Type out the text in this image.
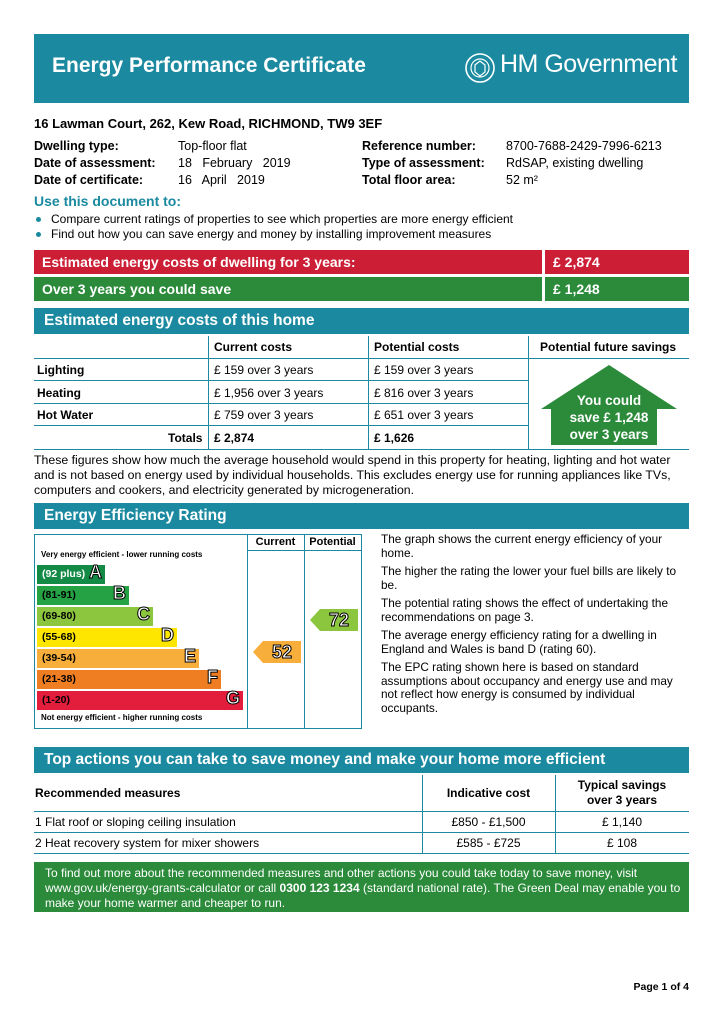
Energy Performance Certificate	HM Government
16 Lawman Court, 262, Kew Road, RICHMOND, TW9 3EF
Dwelling type:	Top-floor flat
Date of assessment: 18   February   2019
Date of certificate:	16   April   2019
Reference number: 8700-7688-2429-7996-6213
Type of assessment: RdSAP, existing dwelling
Total floor area:	52 m²
Use this document to:
Compare current ratings of properties to see which properties are more energy efficient
Find out how you can save energy and money by installing improvement measures
Estimated energy costs of dwelling for 3 years:	£ 2,874
Over 3 years you could save	£ 1,248
Estimated energy costs of this home
Current costs	Potential costs	Potential future savings
Lighting	£ 159 over 3 years	£ 159 over 3 years
Heating	£ 1,956 over 3 years	£ 816 over 3 years
Hot Water	£ 759 over 3 years	£ 651 over 3 years
Totals £ 2,874	£ 1,626
You could
save £ 1,248
over 3 years
These figures show how much the average household would spend in this property for heating, lighting and hot water and is not based on energy used by individual households. This excludes energy use for running appliances like TVs, computers and cookers, and electricity generated by microgeneration.
Energy Efficiency Rating
Current	Potential
Very energy efficient - lower running costs
(92 plus) A
(81-91) B
(69-80)	C
(55-68)	D
(39-54)	E
(21-38)	F
(1-20)	G
Not energy efficient - higher running costs
52
72
The graph shows the current energy efficiency of your home.
The higher the rating the lower your fuel bills are likely to be.
The potential rating shows the effect of undertaking the recommendations on page 3.
The average energy efficiency rating for a dwelling in England and Wales is band D (rating 60).
The EPC rating shown here is based on standard assumptions about occupancy and energy use and may not reflect how energy is consumed by individual occupants.
Top actions you can take to save money and make your home more efficient
Recommended measures	Indicative cost
Typical savings
over 3 years
1 Flat roof or sloping ceiling insulation	£850 - £1,500	£ 1,140
2 Heat recovery system for mixer showers	£585 - £725	£ 108
To find out more about the recommended measures and other actions you could take today to save money, visit www.gov.uk/energy-grants-calculator or call 0300 123 1234 (standard national rate). The Green Deal may enable you to make your home warmer and cheaper to run.
Page 1 of 4
